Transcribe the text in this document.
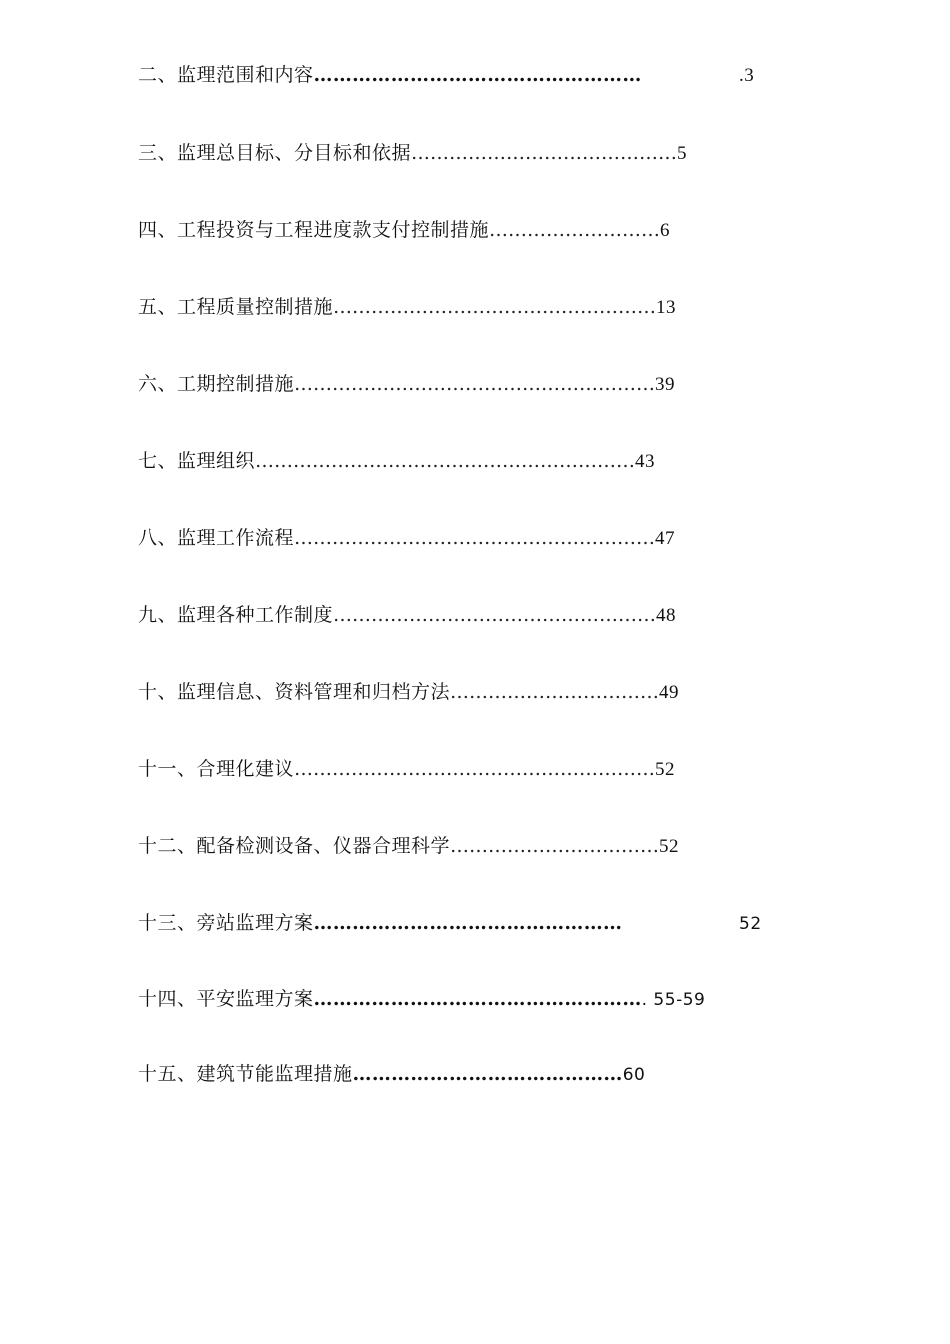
二、监理范围和内容……………………………………………	.3
三、监理总目标、分目标和依据……………………………………5
四、工程投资与工程进度款支付控制措施………………………6
五、工程质量控制措施……………………………………………13
六、工期控制措施…………………………………………………39
七、监理组织……………………………………………………43
八、监理工作流程…………………………………………………47
九、监理各种工作制度……………………………………………48
十、监理信息、资料管理和归档方法……………………………49
十一、合理化建议…………………………………………………52
十二、配备检测设备、仪器合理科学……………………………52
十三、旁站监理方案…………………………………………	52
十四、平安监理方案……………………………………………. 55-59
十五、建筑节能监理措施……………………………………60
